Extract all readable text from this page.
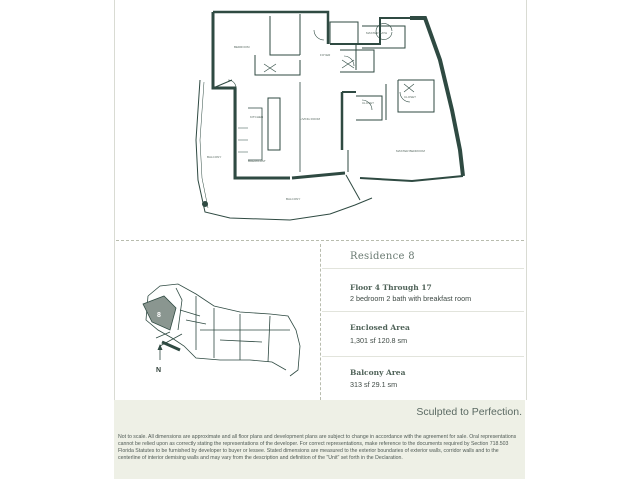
BEDROOM
LIVING ROOM
KITCHEN
BREAKFAST
MASTER BEDROOM
MASTER BATH
BALCONY
BALCONY
FOYER
CLOSET
CLOSET
8
N
Residence 8
Floor 4 Through 17
2 bedroom 2 bath with breakfast room
Enclosed Area
1,301 sf 120.8 sm
Balcony Area
313 sf 29.1 sm
Sculpted to Perfection.
Not to scale. All dimensions are approximate and all floor plans and development plans are subject to change in accordance with the agreement for sale. Oral representations cannot be relied upon as correctly stating the representations of the developer. For correct representations, make reference to the documents required by Section 718.503 Florida Statutes to be furnished by developer to buyer or lessee. Stated dimensions are measured to the exterior boundaries of exterior walls, corridor walls and to the centerline of interior demising walls and may vary from the description and definition of the "Unit" set forth in the Declaration.
